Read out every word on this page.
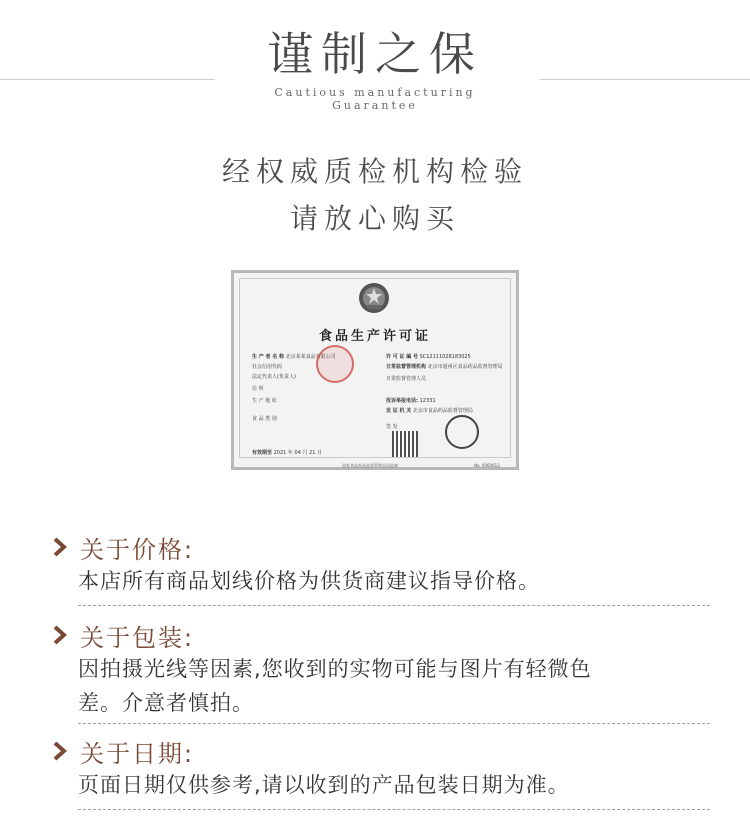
谨制之保
Cautious manufacturing
Guarantee
经权威质检机构检验
请放心购买
食品生产许可证
生 产 者 名 称 北京某某食品有限公司
社会信用代码
法定代表人(负责人)
住 所
生 产 地 址
食 品 类 别
许 可 证 编 号 SC12111028183025
日常监督管理机构 北京市通州区食品药品监督管理局
日常监督管理人员
投诉举报电话: 12331
发 证 机 关 北京市食品药品监督管理局
签 发
有效期至 2021 年 04 月 21 日
国家食品药品监督管理总局监制	No. 0060613
关于价格:
本店所有商品划线价格为供货商建议指导价格。
关于包装:
因拍摄光线等因素,您收到的实物可能与图片有轻微色
差。介意者慎拍。
关于日期:
页面日期仅供参考,请以收到的产品包装日期为准。
